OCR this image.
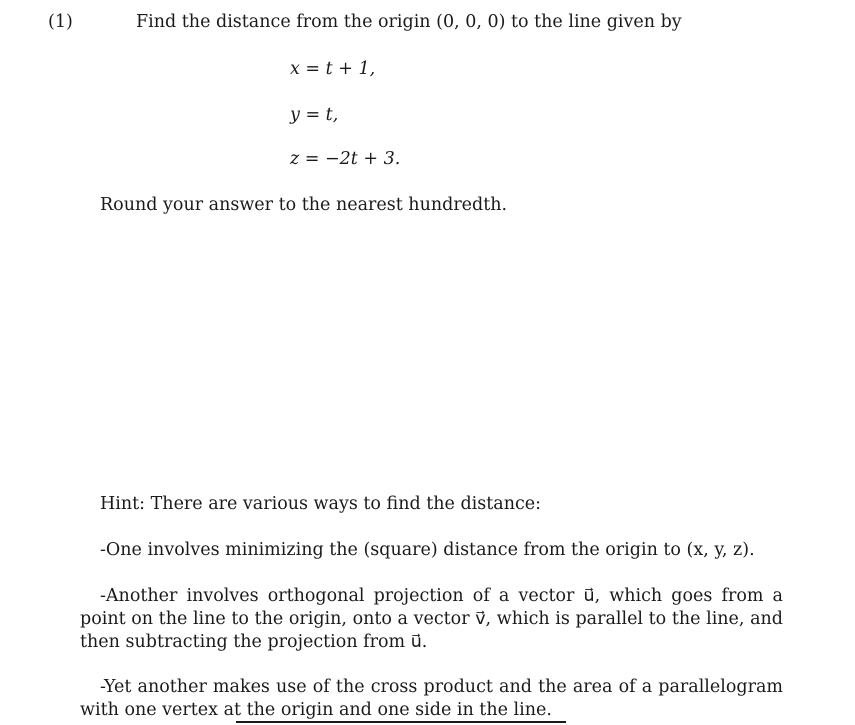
(1)	Find the distance from the origin (0, 0, 0) to the line given by
x = t + 1,
y = t,
z = −2t + 3.
Round your answer to the nearest hundredth.
Hint: There are various ways to find the distance:
-One involves minimizing the (square) distance from the origin to (x, y, z).
-Another involves orthogonal projection of a vector u⃗, which goes from a point on the line to the origin, onto a vector v⃗, which is parallel to the line, and then subtracting the projection from u⃗.
-Yet another makes use of the cross product and the area of a parallelogram with one vertex at the origin and one side in the line.
